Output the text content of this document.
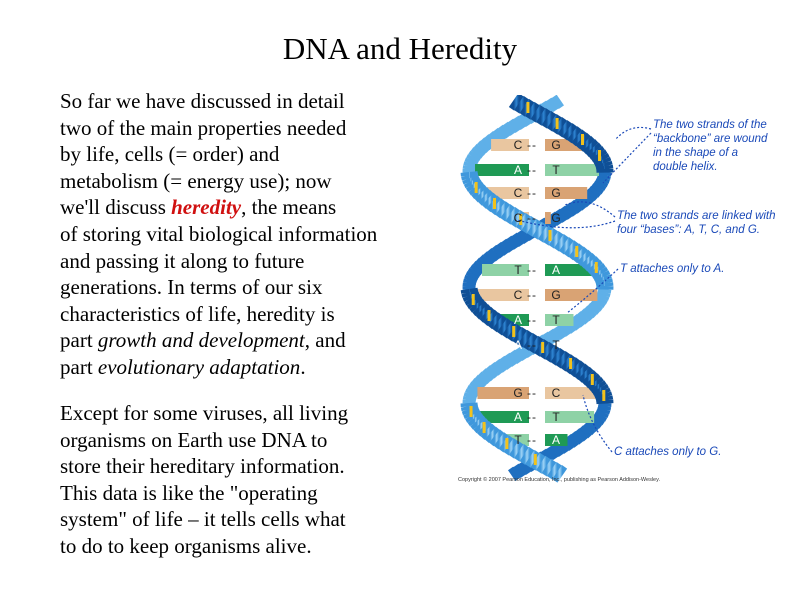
DNA and Heredity

So far we have discussed in detail
two of the main properties needed
by life, cells (= order) and
metabolism (= energy use); now
we'll discuss heredity, the means
of storing vital biological information
and passing it along to future
generations. In terms of our six
characteristics of life, heredity is
part growth and development, and
part evolutionary adaptation.

Except for some viruses, all living
organisms on Earth use DNA to
store their hereditary information.
This data is like the "operating
system" of life – it tells cells what
to do to keep organisms alive.

C -- G
A -- T
C -- G
C -- G
T -- A
C -- G
A -- T
A -- T
G -- C
A -- T
T -- A
The two strands of the
“backbone” are wound
in the shape of a
double helix.
The two strands are linked with
four “bases”: A, T, C, and G.
T attaches only to A.
C attaches only to G.
Copyright © 2007 Pearson Education, Inc., publishing as Pearson Addison-Wesley.
